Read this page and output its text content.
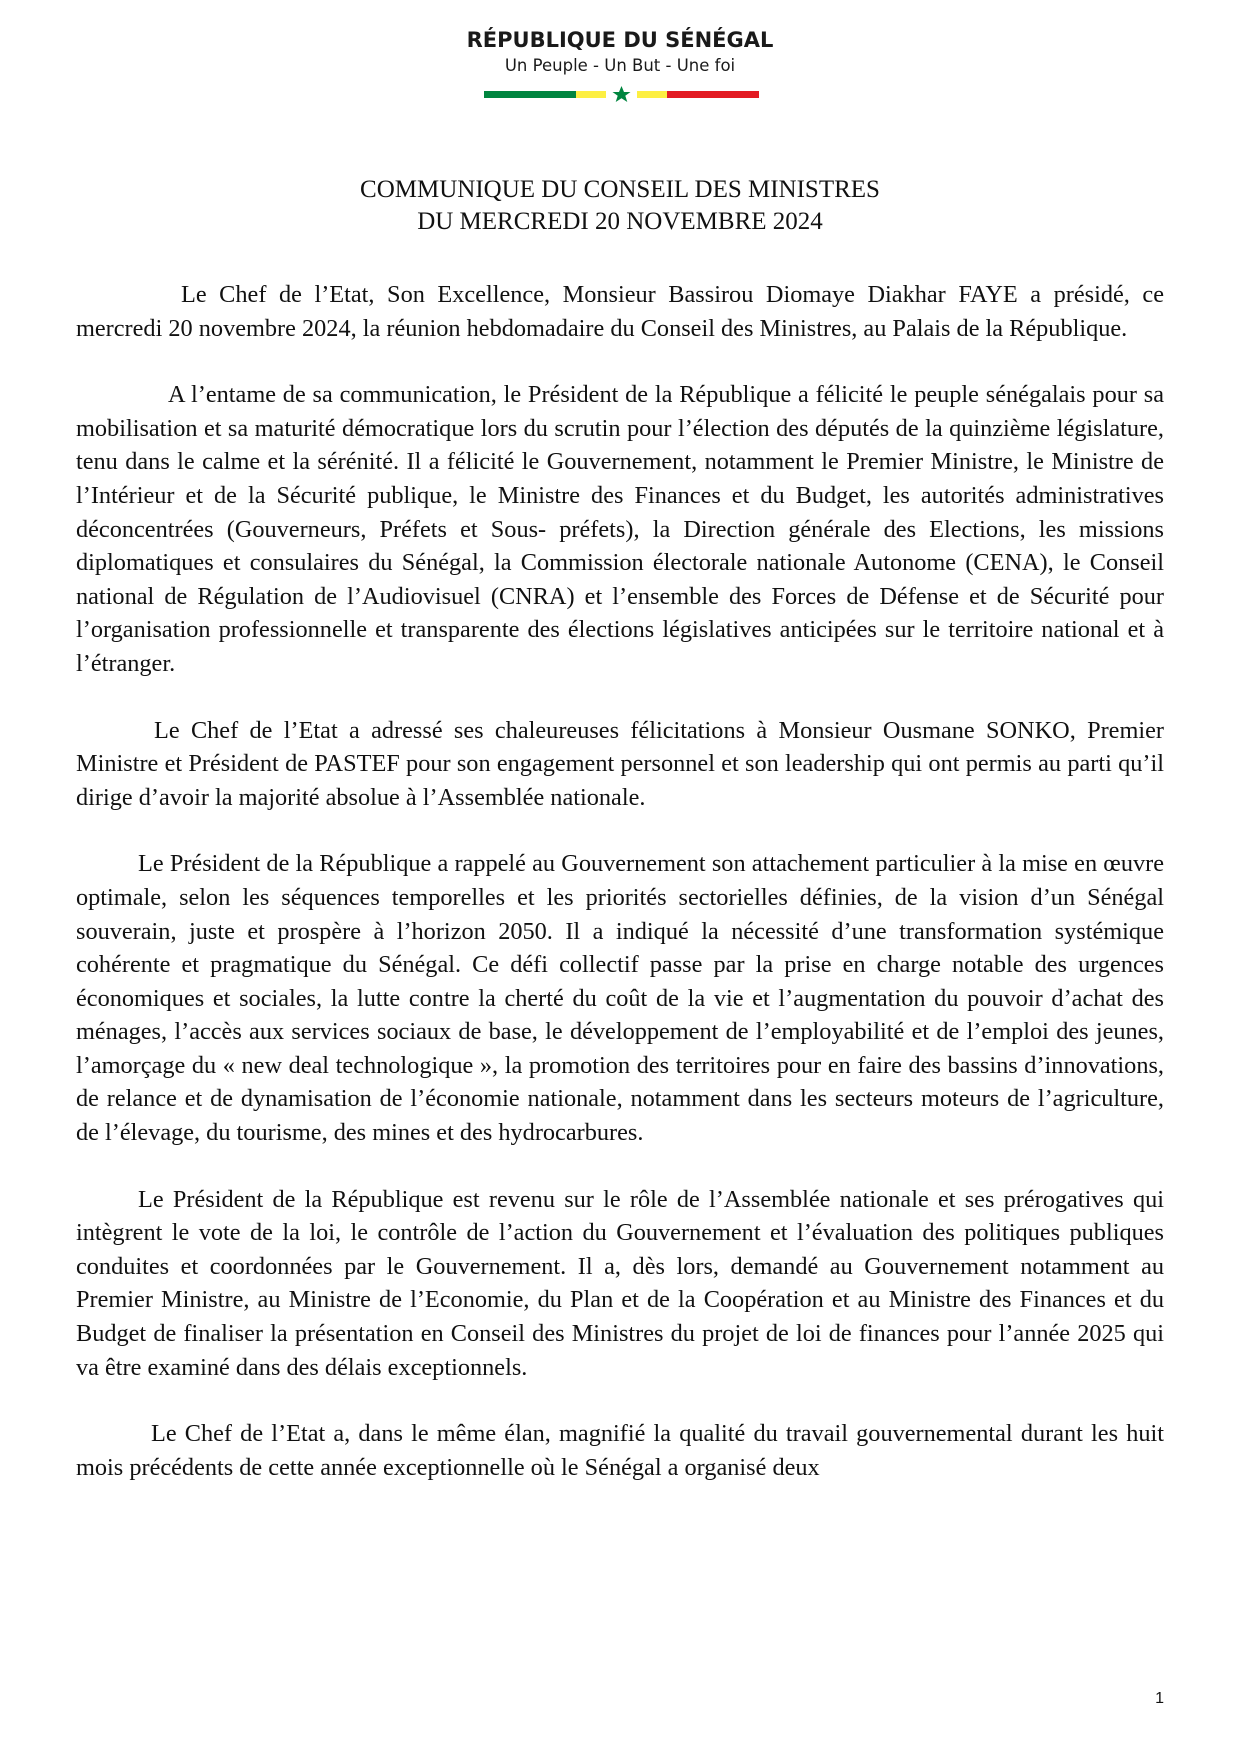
RÉPUBLIQUE DU SÉNÉGAL
Un Peuple - Un But - Une foi
COMMUNIQUE DU CONSEIL DES MINISTRES
DU MERCREDI 20 NOVEMBRE 2024

Le Chef de l’Etat, Son Excellence, Monsieur Bassirou Diomaye Diakhar FAYE a présidé, ce mercredi 20 novembre 2024, la réunion hebdomadaire du Conseil des Ministres, au Palais de la République.

A l’entame de sa communication, le Président de la République a félicité le peuple sénégalais pour sa mobilisation et sa maturité démocratique lors du scrutin pour l’élection des députés de la quinzième législature, tenu dans le calme et la sérénité. Il a félicité le Gouvernement, notamment le Premier Ministre, le Ministre de l’Intérieur et de la Sécurité publique, le Ministre des Finances et du Budget, les autorités administratives déconcentrées (Gouverneurs, Préfets et Sous- préfets), la Direction générale des Elections, les missions diplomatiques et consulaires du Sénégal, la Commission électorale nationale Autonome (CENA), le Conseil national de Régulation de l’Audiovisuel (CNRA) et l’ensemble des Forces de Défense et de Sécurité pour l’organisation professionnelle et transparente des élections législatives anticipées sur le territoire national et à l’étranger.

Le Chef de l’Etat a adressé ses chaleureuses félicitations à Monsieur Ousmane SONKO, Premier Ministre et Président de PASTEF pour son engagement personnel et son leadership qui ont permis au parti qu’il dirige d’avoir la majorité absolue à l’Assemblée nationale.

Le Président de la République a rappelé au Gouvernement son attachement particulier à la mise en œuvre optimale, selon les séquences temporelles et les priorités sectorielles définies, de la vision d’un Sénégal souverain, juste et prospère à l’horizon 2050. Il a indiqué la nécessité d’une transformation systémique cohérente et pragmatique du Sénégal. Ce défi collectif passe par la prise en charge notable des urgences économiques et sociales, la lutte contre la cherté du coût de la vie et l’augmentation du pouvoir d’achat des ménages, l’accès aux services sociaux de base, le développement de l’employabilité et de l’emploi des jeunes, l’amorçage du « new deal technologique », la promotion des territoires pour en faire des bassins d’innovations, de relance et de dynamisation de l’économie nationale, notamment dans les secteurs moteurs de l’agriculture, de l’élevage, du tourisme, des mines et des hydrocarbures.

Le Président de la République est revenu sur le rôle de l’Assemblée nationale et ses prérogatives qui intègrent le vote de la loi, le contrôle de l’action du Gouvernement et l’évaluation des politiques publiques conduites et coordonnées par le Gouvernement. Il a, dès lors, demandé au Gouvernement notamment au Premier Ministre, au Ministre de l’Economie, du Plan et de la Coopération et au Ministre des Finances et du Budget de finaliser la présentation en Conseil des Ministres du projet de loi de finances pour l’année 2025 qui va être examiné dans des délais exceptionnels.

Le Chef de l’Etat a, dans le même élan, magnifié la qualité du travail gouvernemental durant les huit mois précédents de cette année exceptionnelle où le Sénégal a organisé deux

1
